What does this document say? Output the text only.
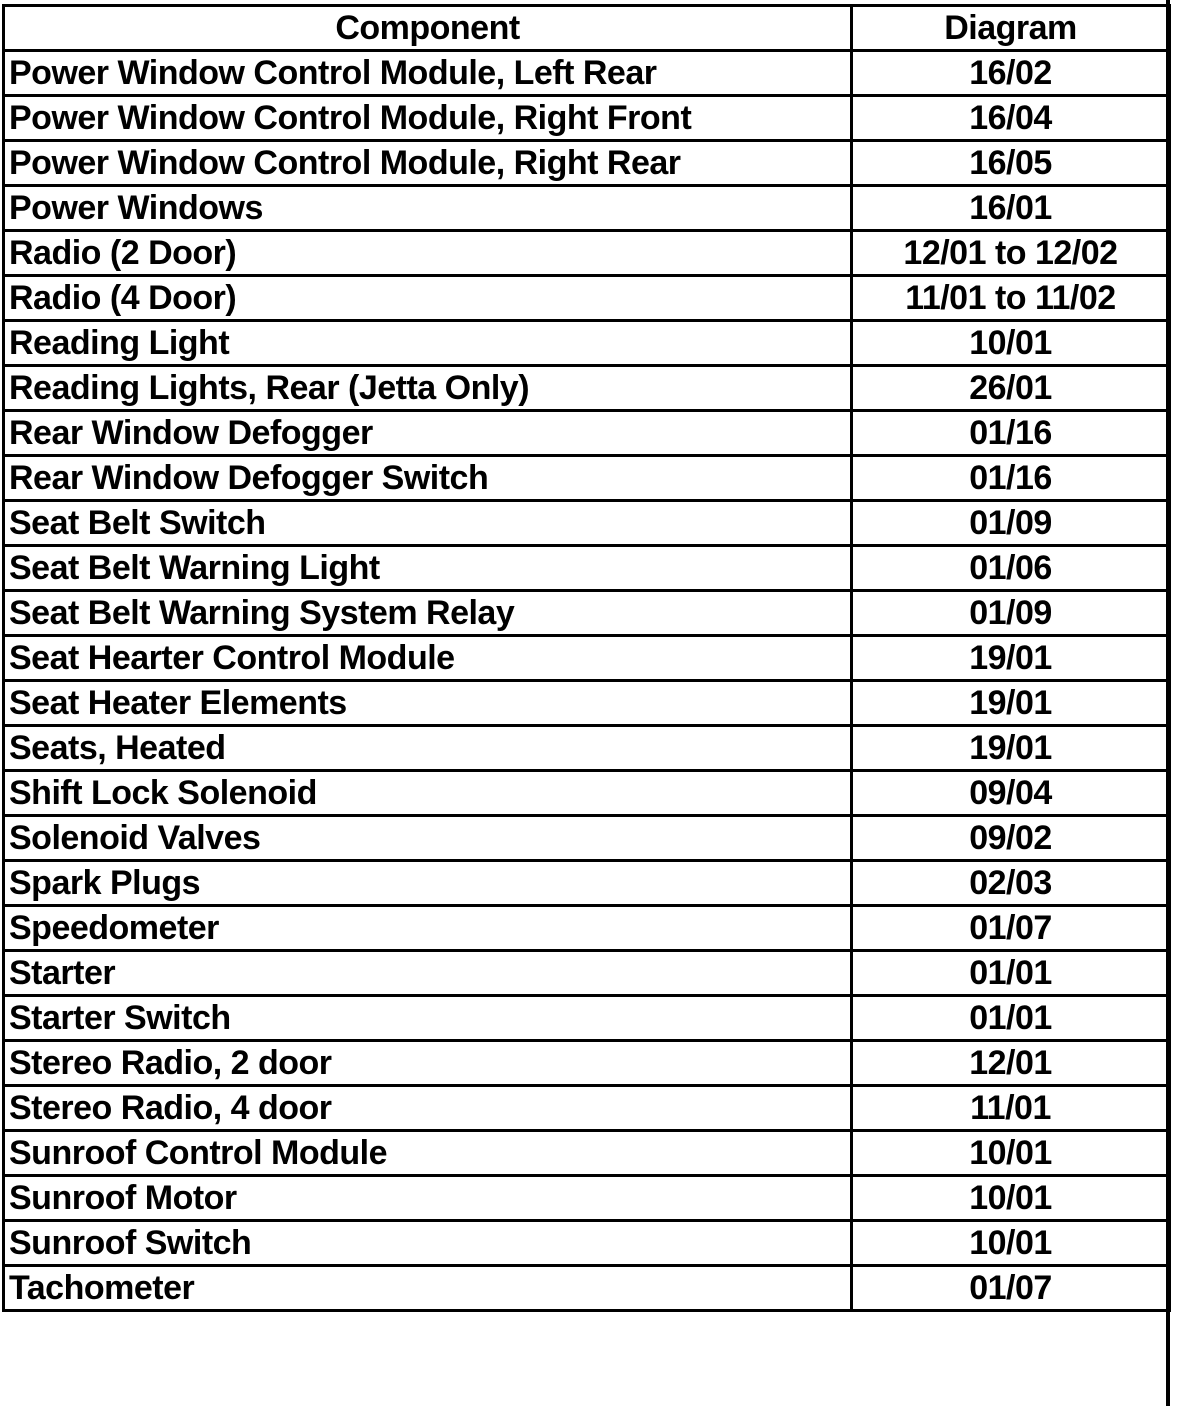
Component	Diagram
Power Window Control Module, Left Rear	16/02
Power Window Control Module, Right Front	16/04
Power Window Control Module, Right Rear	16/05
Power Windows	16/01
Radio (2 Door)	12/01 to 12/02
Radio (4 Door)	11/01 to 11/02
Reading Light	10/01
Reading Lights, Rear (Jetta Only)	26/01
Rear Window Defogger	01/16
Rear Window Defogger Switch	01/16
Seat Belt Switch	01/09
Seat Belt Warning Light	01/06
Seat Belt Warning System Relay	01/09
Seat Hearter Control Module	19/01
Seat Heater Elements	19/01
Seats, Heated	19/01
Shift Lock Solenoid	09/04
Solenoid Valves	09/02
Spark Plugs	02/03
Speedometer	01/07
Starter	01/01
Starter Switch	01/01
Stereo Radio, 2 door	12/01
Stereo Radio, 4 door	11/01
Sunroof Control Module	10/01
Sunroof Motor	10/01
Sunroof Switch	10/01
Tachometer	01/07
